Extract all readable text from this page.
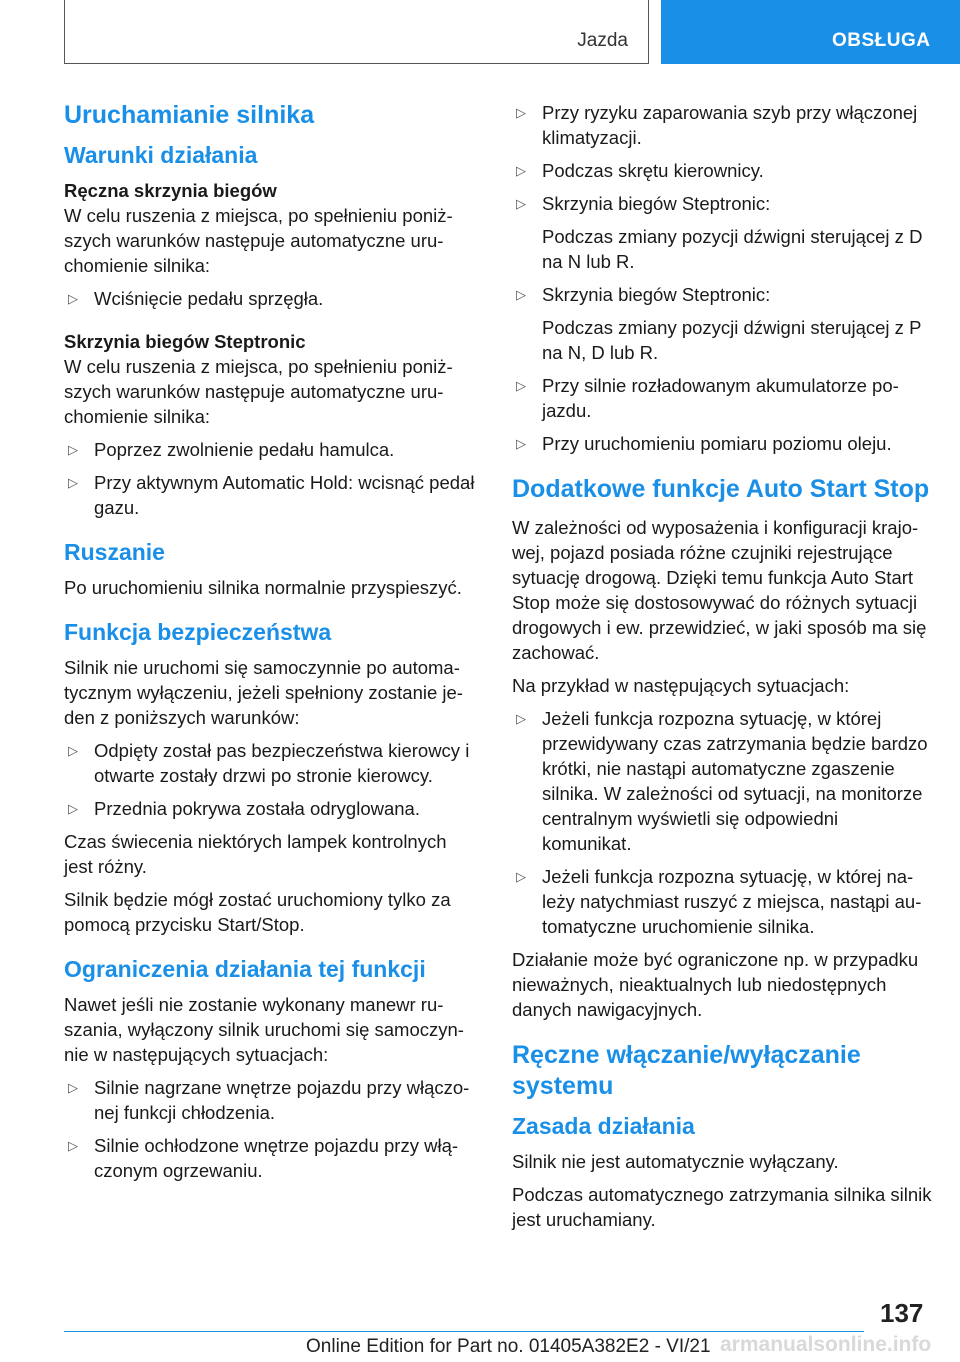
Jazda	OBSŁUGA
Uruchamianie silnika
Warunki działania
Ręczna skrzynia biegów

W celu ruszenia z miejsca, po spełnieniu poniższych warunków następuje automatyczne uruchomienie silnika:

▷ Wciśnięcie pedału sprzęgła.
Skrzynia biegów Steptronic

W celu ruszenia z miejsca, po spełnieniu poniższych warunków następuje automatyczne uruchomienie silnika:

▷ Poprzez zwolnienie pedału hamulca.
▷ Przy aktywnym Automatic Hold: wcisnąć pedał gazu.
Ruszanie

Po uruchomieniu silnika normalnie przyspieszyć.

Funkcja bezpieczeństwa

Silnik nie uruchomi się samoczynnie po automatycznym wyłączeniu, jeżeli spełniony zostanie jeden z poniższych warunków:

▷ Odpięty został pas bezpieczeństwa kierowcy i otwarte zostały drzwi po stronie kierowcy.
▷ Przednia pokrywa została odryglowana.

Czas świecenia niektórych lampek kontrolnych jest różny.

Silnik będzie mógł zostać uruchomiony tylko za pomocą przycisku Start/Stop.

Ograniczenia działania tej funkcji

Nawet jeśli nie zostanie wykonany manewr ruszania, wyłączony silnik uruchomi się samoczynnie w następujących sytuacjach:

▷ Silnie nagrzane wnętrze pojazdu przy włączonej funkcji chłodzenia.
▷ Silnie ochłodzone wnętrze pojazdu przy włączonym ogrzewaniu.
▷ Przy ryzyku zaparowania szyb przy włączonej klimatyzacji.
▷ Podczas skrętu kierownicy.
▷ Skrzynia biegów Steptronic:
Podczas zmiany pozycji dźwigni sterującej z D na N lub R.
▷ Skrzynia biegów Steptronic:
Podczas zmiany pozycji dźwigni sterującej z P na N, D lub R.
▷ Przy silnie rozładowanym akumulatorze pojazdu.
▷ Przy uruchomieniu pomiaru poziomu oleju.
Dodatkowe funkcje Auto Start Stop

W zależności od wyposażenia i konfiguracji krajowej, pojazd posiada różne czujniki rejestrujące sytuację drogową. Dzięki temu funkcja Auto Start Stop może się dostosowywać do różnych sytuacji drogowych i ew. przewidzieć, w jaki sposób ma się zachować.

Na przykład w następujących sytuacjach:

▷ Jeżeli funkcja rozpozna sytuację, w której przewidywany czas zatrzymania będzie bardzo krótki, nie nastąpi automatyczne zgaszenie silnika. W zależności od sytuacji, na monitorze centralnym wyświetli się odpowiedni komunikat.
▷ Jeżeli funkcja rozpozna sytuację, w której należy natychmiast ruszyć z miejsca, nastąpi automatyczne uruchomienie silnika.

Działanie może być ograniczone np. w przypadku nieważnych, nieaktualnych lub niedostępnych danych nawigacyjnych.

Ręczne włączanie/wyłączanie systemu
Zasada działania

Silnik nie jest automatycznie wyłączany.

Podczas automatycznego zatrzymania silnika silnik jest uruchamiany.

137
Online Edition for Part no. 01405A382E2 - VI/21 armanualsonline.info
